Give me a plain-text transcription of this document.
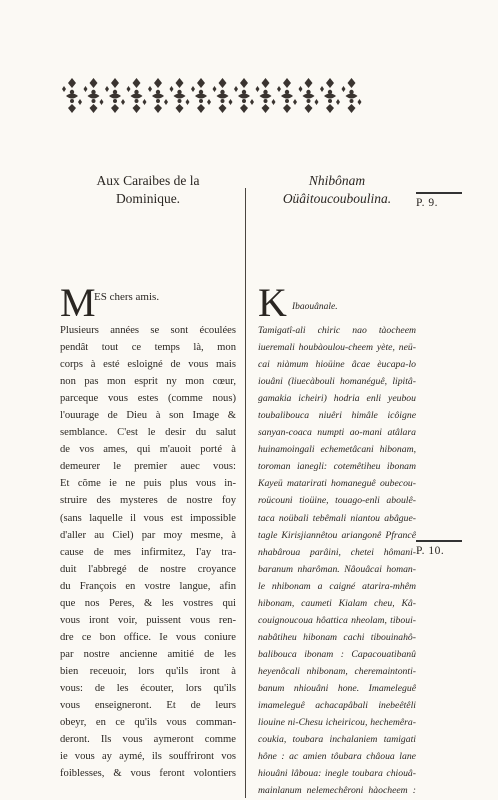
Aux Caraibes de la
Dominique.
M
ES chers amis.
Plusieurs années se sont écoulées
pendât tout ce temps là, mon
corps à esté esloigné de vous mais
non pas mon esprit ny mon cœur,
parceque vous estes (comme nous)
l'ouurage de Dieu à son Image &
semblance. C'est le desir du salut
de vos ames, qui m'auoit porté à
demeurer le premier auec vous:
Et cõme ie ne puis plus vous in-
struire des mysteres de nostre foy
(sans laquelle il vous est impossible
d'aller au Ciel) par moy mesme, à
cause de mes infirmitez, I'ay tra-
duit l'abbregé de nostre croyance
du François en vostre langue, afin
que nos Peres, & les vostres qui
vous iront voir, puissent vous ren-
dre ce bon office. Ie vous coniure
par nostre ancienne amitié de les
bien receuoir, lors qu'ils iront à
vous: de les écouter, lors qu'ils
vous enseigneront. Et de leurs
obeyr, en ce qu'ils vous comman-
deront. Ils vous aymeront comme
ie vous ay aymé, ils souffriront vos
foiblesses, & vous feront volontiers
Nhibônam
Oüâitoucouboulina.
K Ibaouânale.
Tamigatî-ali chiric nao tàocheem
iueremali houbàoulou-cheem yète, neü-
cai niàmum hioüine âcae èucapa-lo
iouâni (liuecàbouli homanéguê, lipitâ-
gamakia icheiri) hodria enli yeubou
toubalibouca niuêri himâle icôigne
sanyan-coaca numpti ao-mani atâlara
huinamoingali echemetâcani hibonam,
toroman ianegli: cotemêtiheu ibonam
Kayeü matarirati homaneguê oubecou-
roücouni tioüine, touago-enli aboulê-
taca noübali tebêmali niantou abâgue-
tagle Kirisjiannêtou ariangonê Pfrancê
nhabâroua parâini, chetei hômani-
baranum nharôman. Nâouâcai homan-
le nhibonam a caigné atarira-mhêm
hibonam, caumeti Kialam cheu, Kâ-
couignoucoua hôattica nheolam, tiboui-
nabâtiheu hibonam cachi tibouinahô-
balibouca ibonam : Capacouatibanû
heyenôcali nhibonam, cheremaintonti-
banum nhiouâni hone. Imameleguê
imameleguê achacapâbali inebeêtêli
liouine ni-Chesu icheiricou, hechemêra-
coukia, toubara inchalaniem tamigati
hône : ac amien tôubara châoua lane
hiouâni lâboua: inegle toubara chiouâ-
mainlanum nelemechêroni hàocheem :
P. 9.
P. 10.
